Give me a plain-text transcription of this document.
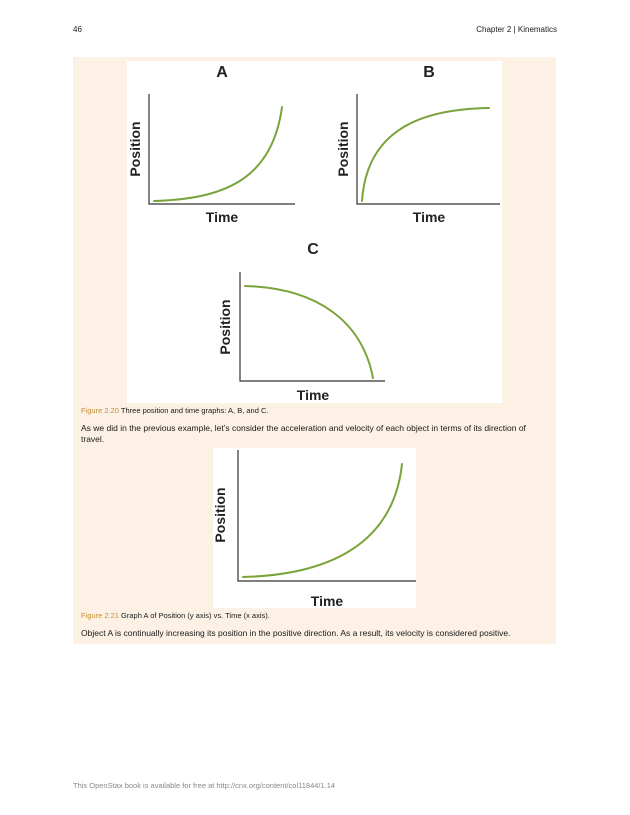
46	Chapter 2 | Kinematics
A
Time
Position
B
Time
Position
C
Time
Position
Figure 2.20 Three position and time graphs: A, B, and C.
As we did in the previous example, let’s consider the acceleration and velocity of each object in terms of its direction of travel.
Time
Position
Figure 2.21 Graph A of Position (y axis) vs. Time (x axis).
Object A is continually increasing its position in the positive direction. As a result, its velocity is considered positive.
This OpenStax book is available for free at http://cnx.org/content/col11844/1.14
